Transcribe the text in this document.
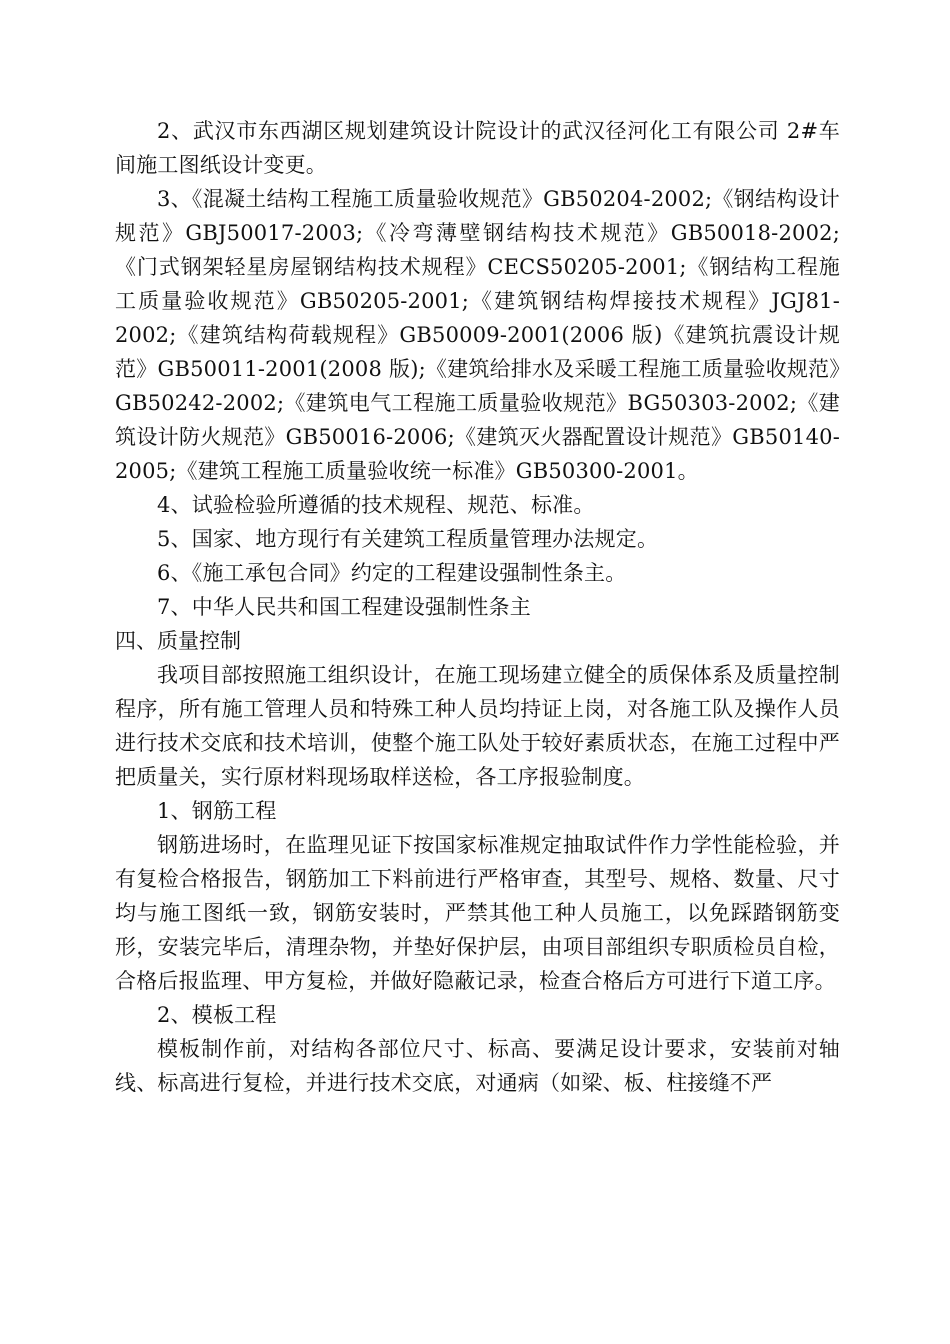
2、武汉市东西湖区规划建筑设计院设计的武汉径河化工有限公司 2#车间施工图纸设计变更。

3、《混凝土结构工程施工质量验收规范》GB50204-2002;《钢结构设计规范》GBJ50017-2003;《冷弯薄壁钢结构技术规范》GB50018-2002;《门式钢架轻星房屋钢结构技术规程》CECS50205-2001;《钢结构工程施工质量验收规范》GB50205-2001;《建筑钢结构焊接技术规程》JGJ81-2002;《建筑结构荷载规程》GB50009-2001(2006 版)《建筑抗震设计规范》GB50011-2001(2008 版);《建筑给排水及采暖工程施工质量验收规范》GB50242-2002;《建筑电气工程施工质量验收规范》BG50303-2002;《建筑设计防火规范》GB50016-2006;《建筑灭火器配置设计规范》GB50140-2005;《建筑工程施工质量验收统一标准》GB50300-2001。

4、试验检验所遵循的技术规程、规范、标准。

5、国家、地方现行有关建筑工程质量管理办法规定。

6、《施工承包合同》约定的工程建设强制性条主。

7、中华人民共和国工程建设强制性条主

四、质量控制

我项目部按照施工组织设计，在施工现场建立健全的质保体系及质量控制程序，所有施工管理人员和特殊工种人员均持证上岗，对各施工队及操作人员进行技术交底和技术培训，使整个施工队处于较好素质状态，在施工过程中严把质量关，实行原材料现场取样送检，各工序报验制度。

1、钢筋工程

钢筋进场时，在监理见证下按国家标准规定抽取试件作力学性能检验，并有复检合格报告，钢筋加工下料前进行严格审查，其型号、规格、数量、尺寸均与施工图纸一致，钢筋安装时，严禁其他工种人员施工，以免踩踏钢筋变形，安装完毕后，清理杂物，并垫好保护层，由项目部组织专职质检员自检，合格后报监理、甲方复检，并做好隐蔽记录，检查合格后方可进行下道工序。

2、模板工程

模板制作前，对结构各部位尺寸、标高、要满足设计要求，安装前对轴线、标高进行复检，并进行技术交底，对通病（如梁、板、柱接缝不严
